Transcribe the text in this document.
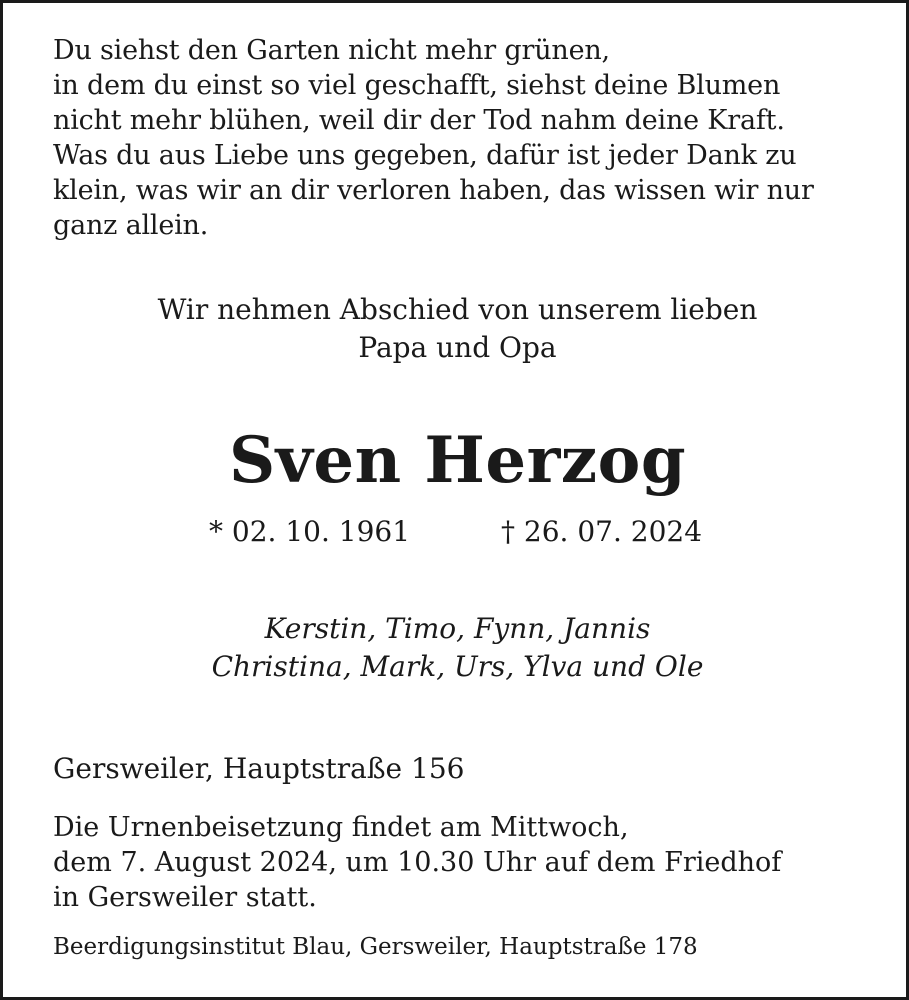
Du siehst den Garten nicht mehr grünen,
in dem du einst so viel geschafft, siehst deine Blumen
nicht mehr blühen, weil dir der Tod nahm deine Kraft.
Was du aus Liebe uns gegeben, dafür ist jeder Dank zu
klein, was wir an dir verloren haben, das wissen wir nur
ganz allein.
Wir nehmen Abschied von unserem lieben
Papa und Opa
Sven Herzog
* 02. 10. 1961	† 26. 07. 2024
Kerstin, Timo, Fynn, Jannis
Christina, Mark, Urs, Ylva und Ole
Gersweiler, Hauptstraße 156
Die Urnenbeisetzung findet am Mittwoch,
dem 7. August 2024, um 10.30 Uhr auf dem Friedhof
in Gersweiler statt.
Beerdigungsinstitut Blau, Gersweiler, Hauptstraße 178
